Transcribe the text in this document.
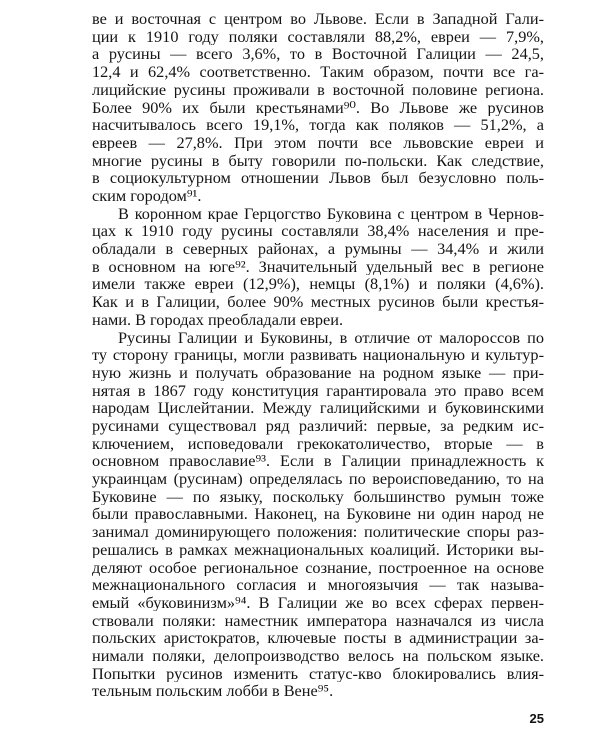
ве и восточная с центром во Львове. Если в Западной Гали-
ции к 1910 году поляки составляли 88,2%, евреи — 7,9%,
а русины — всего 3,6%, то в Восточной Галиции — 24,5,
12,4 и 62,4% соответственно. Таким образом, почти все га-
лицийские русины проживали в восточной половине региона.
Более 90% их были крестьянами⁹⁰. Во Львове же русинов
насчитывалось всего 19,1%, тогда как поляков — 51,2%, а
евреев — 27,8%. При этом почти все львовские евреи и
многие русины в быту говорили по-польски. Как следствие,
в социокультурном отношении Львов был безусловно поль-
ским городом⁹¹.
В коронном крае Герцогство Буковина с центром в Чернов-
цах к 1910 году русины составляли 38,4% населения и пре-
обладали в северных районах, а румыны — 34,4% и жили
в основном на юге⁹². Значительный удельный вес в регионе
имели также евреи (12,9%), немцы (8,1%) и поляки (4,6%).
Как и в Галиции, более 90% местных русинов были крестья-
нами. В городах преобладали евреи.
Русины Галиции и Буковины, в отличие от малороссов по
ту сторону границы, могли развивать национальную и культур-
ную жизнь и получать образование на родном языке — при-
нятая в 1867 году конституция гарантировала это право всем
народам Цислейтании. Между галицийскими и буковинскими
русинами существовал ряд различий: первые, за редким ис-
ключением, исповедовали грекокатоличество, вторые — в
основном православие⁹³. Если в Галиции принадлежность к
украинцам (русинам) определялась по вероисповеданию, то на
Буковине — по языку, поскольку большинство румын тоже
были православными. Наконец, на Буковине ни один народ не
занимал доминирующего положения: политические споры раз-
решались в рамках межнациональных коалиций. Историки вы-
деляют особое региональное сознание, построенное на основе
межнационального согласия и многоязычия — так называ-
емый «буковинизм»⁹⁴. В Галиции же во всех сферах первен-
ствовали поляки: наместник императора назначался из числа
польских аристократов, ключевые посты в администрации за-
нимали поляки, делопроизводство велось на польском языке.
Попытки русинов изменить статус-кво блокировались влия-
тельным польским лобби в Вене⁹⁵.
25
